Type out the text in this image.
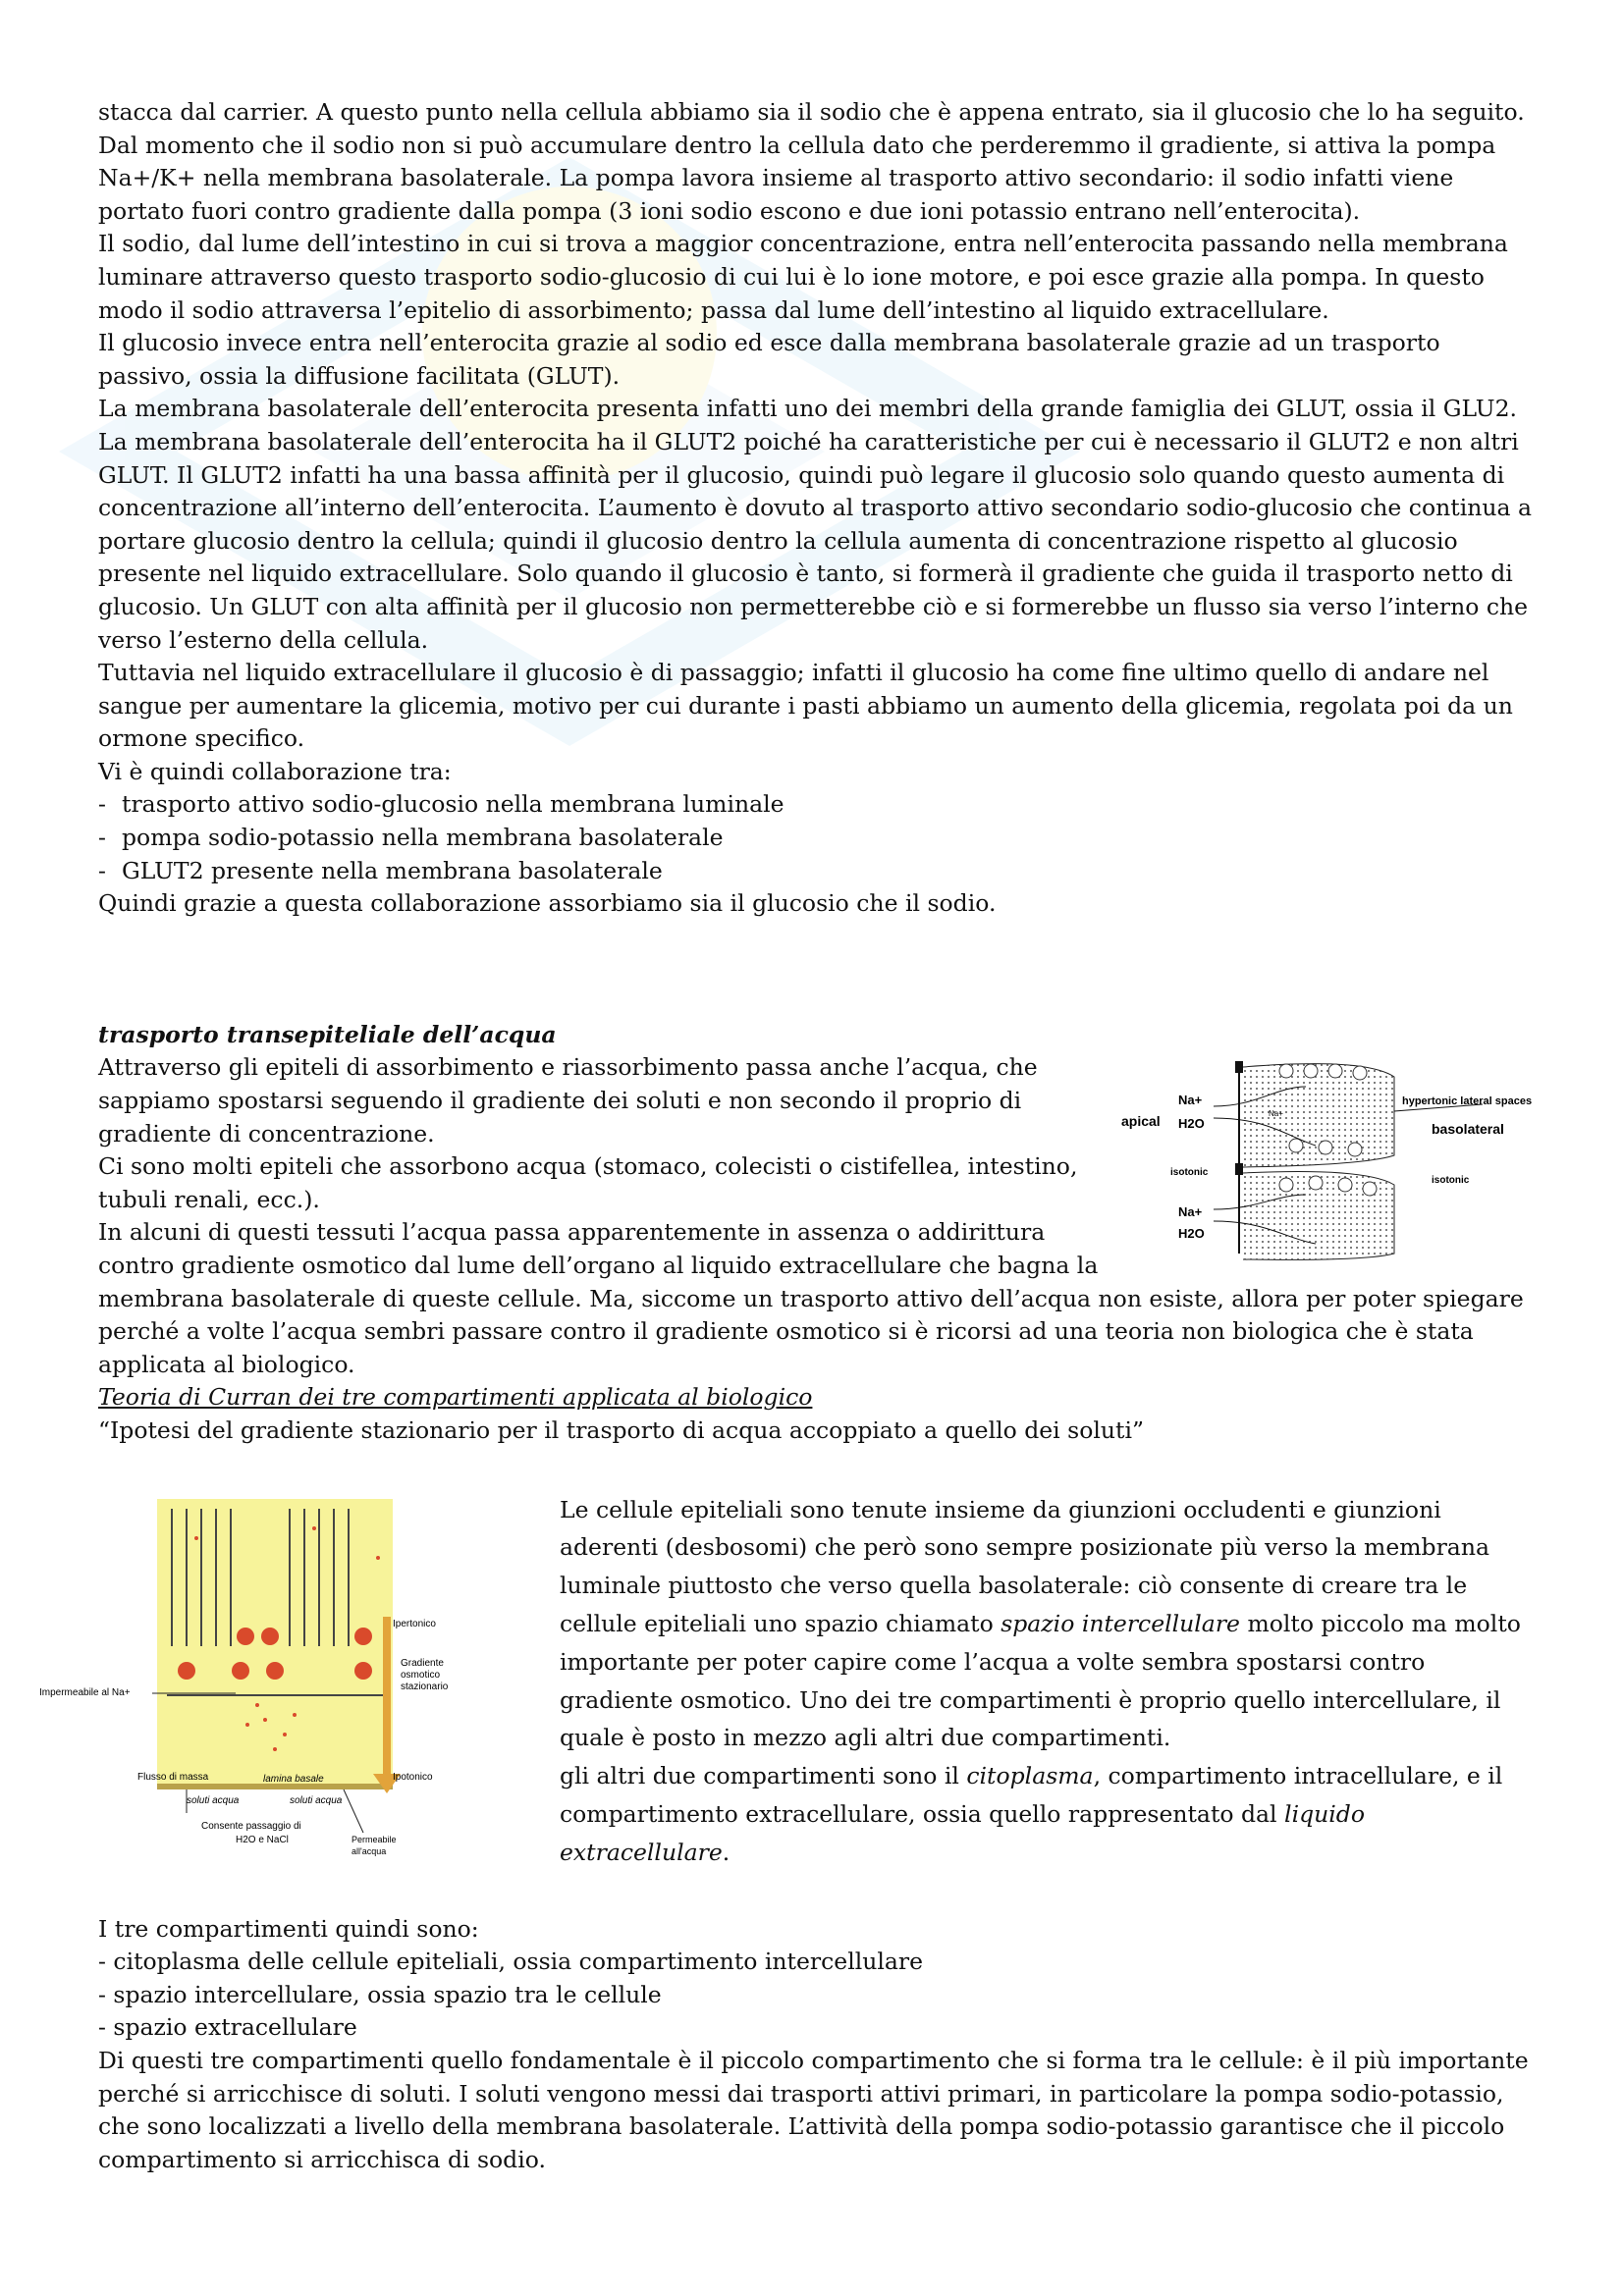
stacca dal carrier. A questo punto nella cellula abbiamo sia il sodio che è appena entrato, sia il glucosio che lo ha seguito. Dal momento che il sodio non si può accumulare dentro la cellula dato che perderemmo il gradiente, si attiva la pompa Na+/K+ nella membrana basolaterale. La pompa lavora insieme al trasporto attivo secondario: il sodio infatti viene portato fuori contro gradiente dalla pompa (3 ioni sodio escono e due ioni potassio entrano nell’enterocita).

Il sodio, dal lume dell’intestino in cui si trova a maggior concentrazione, entra nell’enterocita passando nella membrana luminare attraverso questo trasporto sodio-glucosio di cui lui è lo ione motore, e poi esce grazie alla pompa. In questo modo il sodio attraversa l’epitelio di assorbimento; passa dal lume dell’intestino al liquido extracellulare.

Il glucosio invece entra nell’enterocita grazie al sodio ed esce dalla membrana basolaterale grazie ad un trasporto passivo, ossia la diffusione facilitata (GLUT).

La membrana basolaterale dell’enterocita presenta infatti uno dei membri della grande famiglia dei GLUT, ossia il GLU2.

La membrana basolaterale dell’enterocita ha il GLUT2 poiché ha caratteristiche per cui è necessario il GLUT2 e non altri GLUT. Il GLUT2 infatti ha una bassa affinità per il glucosio, quindi può legare il glucosio solo quando questo aumenta di concentrazione all’interno dell’enterocita. L’aumento è dovuto al trasporto attivo secondario sodio-glucosio che continua a portare glucosio dentro la cellula; quindi il glucosio dentro la cellula aumenta di concentrazione rispetto al glucosio presente nel liquido extracellulare. Solo quando il glucosio è tanto, si formerà il gradiente che guida il trasporto netto di glucosio. Un GLUT con alta affinità per il glucosio non permetterebbe ciò e si formerebbe un flusso sia verso l’interno che verso l’esterno della cellula.

Tuttavia nel liquido extracellulare il glucosio è di passaggio; infatti il glucosio ha come fine ultimo quello di andare nel sangue per aumentare la glicemia, motivo per cui durante i pasti abbiamo un aumento della glicemia, regolata poi da un ormone specifico.

Vi è quindi collaborazione tra:

- trasporto attivo sodio-glucosio nella membrana luminale
- pompa sodio-potassio nella membrana basolaterale
- GLUT2 presente nella membrana basolaterale

Quindi grazie a questa collaborazione assorbiamo sia il glucosio che il sodio.

trasporto transepiteliale dell’acqua

Na+
H2O
Na+
H2O
Na+
apical
isotonic
hypertonic lateral spaces
basolateral
isotonic

Attraverso gli epiteli di assorbimento e riassorbimento passa anche l’acqua, che sappiamo spostarsi seguendo il gradiente dei soluti e non secondo il proprio di gradiente di concentrazione.

Ci sono molti epiteli che assorbono acqua (stomaco, colecisti o cistifellea, intestino, tubuli renali, ecc.).

In alcuni di questi tessuti l’acqua passa apparentemente in assenza o addirittura contro gradiente osmotico dal lume dell’organo al liquido extracellulare che bagna la membrana basolaterale di queste cellule. Ma, siccome un trasporto attivo dell’acqua non esiste, allora per poter spiegare perché a volte l’acqua sembri passare contro il gradiente osmotico si è ricorsi ad una teoria non biologica che è stata applicata al biologico.

Teoria di Curran dei tre compartimenti applicata al biologico

“Ipotesi del gradiente stazionario per il trasporto di acqua accoppiato a quello dei soluti”

Ipertonico
Gradiente
osmotico
stazionario
Impermeabile al Na+
Flusso di massa	lamina basale	Ipotonico
soluti acqua	soluti acqua
Consente passaggio di
H2O e NaCl	Permeabile
all'acqua

Le cellule epiteliali sono tenute insieme da giunzioni occludenti e giunzioni aderenti (desbosomi) che però sono sempre posizionate più verso la membrana luminale piuttosto che verso quella basolaterale: ciò consente di creare tra le cellule epiteliali uno spazio chiamato spazio intercellulare molto piccolo ma molto importante per poter capire come l’acqua a volte sembra spostarsi contro gradiente osmotico. Uno dei tre compartimenti è proprio quello intercellulare, il quale è posto in mezzo agli altri due compartimenti.

gli altri due compartimenti sono il citoplasma, compartimento intracellulare, e il compartimento extracellulare, ossia quello rappresentato dal liquido extracellulare.

I tre compartimenti quindi sono:

- citoplasma delle cellule epiteliali, ossia compartimento intercellulare

- spazio intercellulare, ossia spazio tra le cellule

- spazio extracellulare

Di questi tre compartimenti quello fondamentale è il piccolo compartimento che si forma tra le cellule: è il più importante perché si arricchisce di soluti. I soluti vengono messi dai trasporti attivi primari, in particolare la pompa sodio-potassio, che sono localizzati a livello della membrana basolaterale. L’attività della pompa sodio-potassio garantisce che il piccolo compartimento si arricchisca di sodio.
